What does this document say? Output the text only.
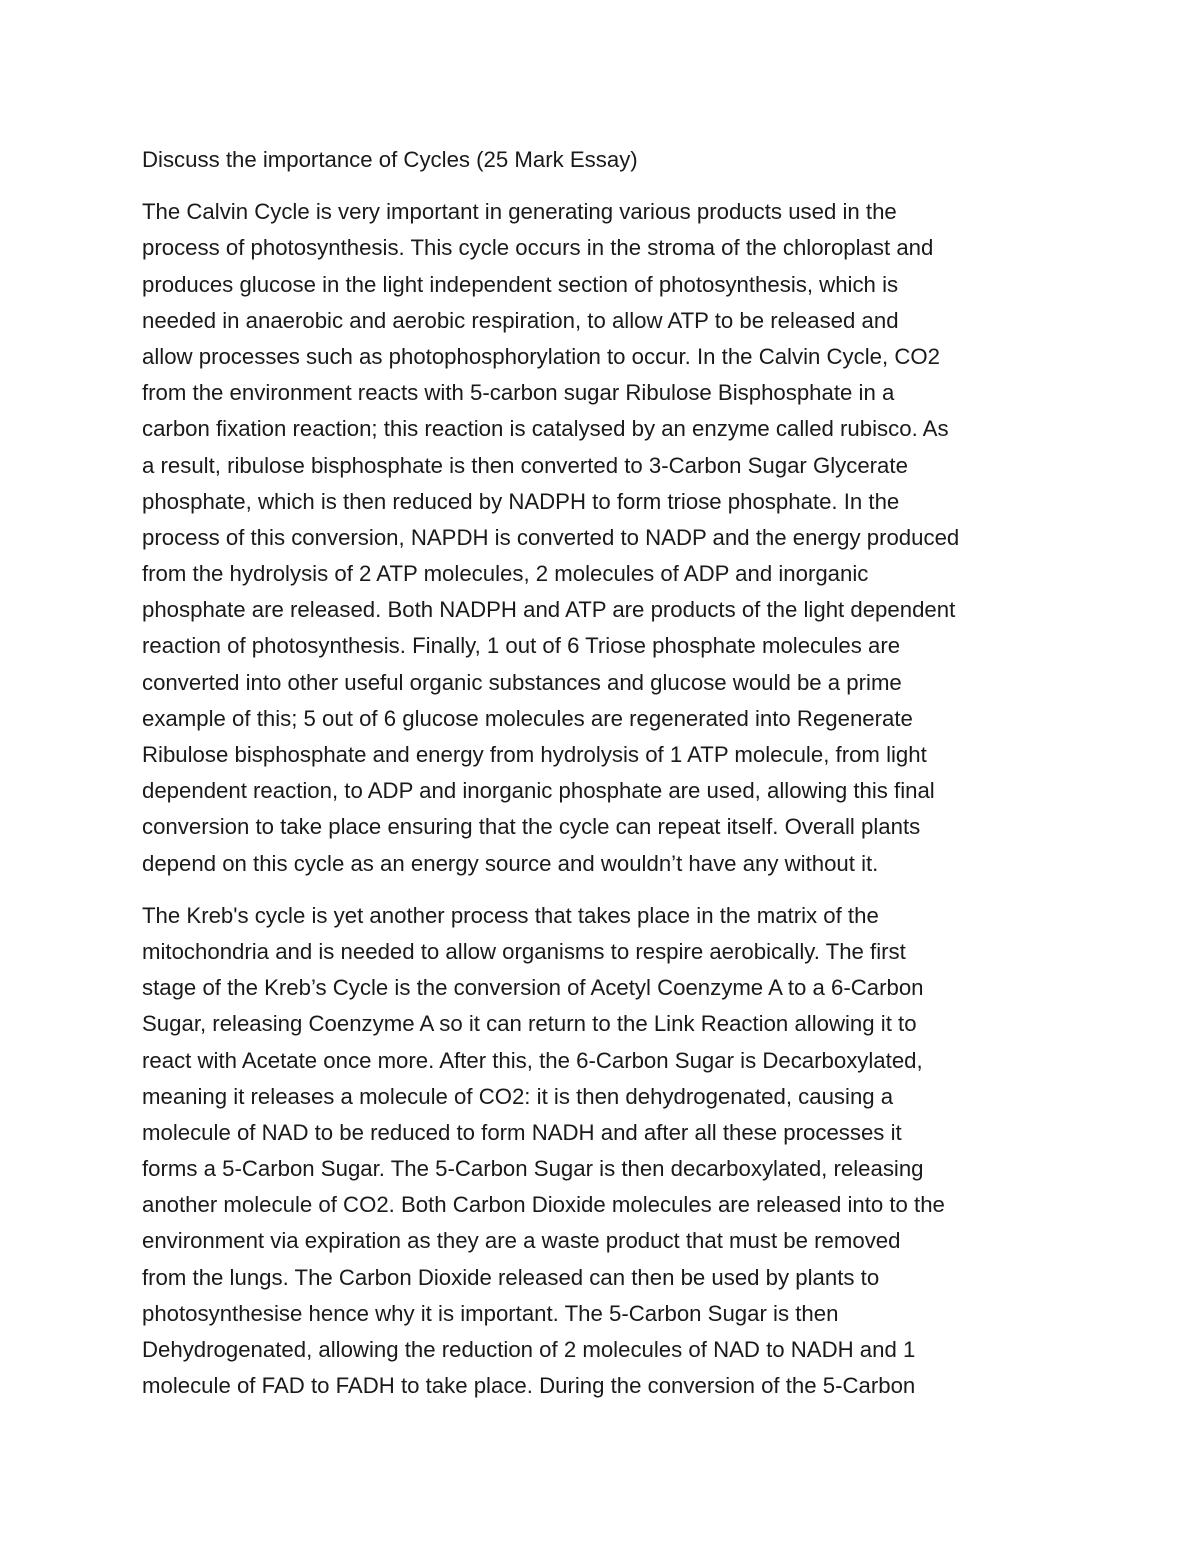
Discuss the importance of Cycles (25 Mark Essay)
The Calvin Cycle is very important in generating various products used in the
process of photosynthesis. This cycle occurs in the stroma of the chloroplast and
produces glucose in the light independent section of photosynthesis, which is
needed in anaerobic and aerobic respiration, to allow ATP to be released and
allow processes such as photophosphorylation to occur. In the Calvin Cycle, CO2
from the environment reacts with 5-carbon sugar Ribulose Bisphosphate in a
carbon fixation reaction; this reaction is catalysed by an enzyme called rubisco. As
a result, ribulose bisphosphate is then converted to 3-Carbon Sugar Glycerate
phosphate, which is then reduced by NADPH to form triose phosphate. In the
process of this conversion, NAPDH is converted to NADP and the energy produced
from the hydrolysis of 2 ATP molecules, 2 molecules of ADP and inorganic
phosphate are released. Both NADPH and ATP are products of the light dependent
reaction of photosynthesis. Finally, 1 out of 6 Triose phosphate molecules are
converted into other useful organic substances and glucose would be a prime
example of this; 5 out of 6 glucose molecules are regenerated into Regenerate
Ribulose bisphosphate and energy from hydrolysis of 1 ATP molecule, from light
dependent reaction, to ADP and inorganic phosphate are used, allowing this final
conversion to take place ensuring that the cycle can repeat itself. Overall plants
depend on this cycle as an energy source and wouldn’t have any without it.
The Kreb's cycle is yet another process that takes place in the matrix of the
mitochondria and is needed to allow organisms to respire aerobically. The first
stage of the Kreb’s Cycle is the conversion of Acetyl Coenzyme A to a 6-Carbon
Sugar, releasing Coenzyme A so it can return to the Link Reaction allowing it to
react with Acetate once more. After this, the 6-Carbon Sugar is Decarboxylated,
meaning it releases a molecule of CO2: it is then dehydrogenated, causing a
molecule of NAD to be reduced to form NADH and after all these processes it
forms a 5-Carbon Sugar. The 5-Carbon Sugar is then decarboxylated, releasing
another molecule of CO2. Both Carbon Dioxide molecules are released into to the
environment via expiration as they are a waste product that must be removed
from the lungs. The Carbon Dioxide released can then be used by plants to
photosynthesise hence why it is important. The 5-Carbon Sugar is then
Dehydrogenated, allowing the reduction of 2 molecules of NAD to NADH and 1
molecule of FAD to FADH to take place. During the conversion of the 5-Carbon
